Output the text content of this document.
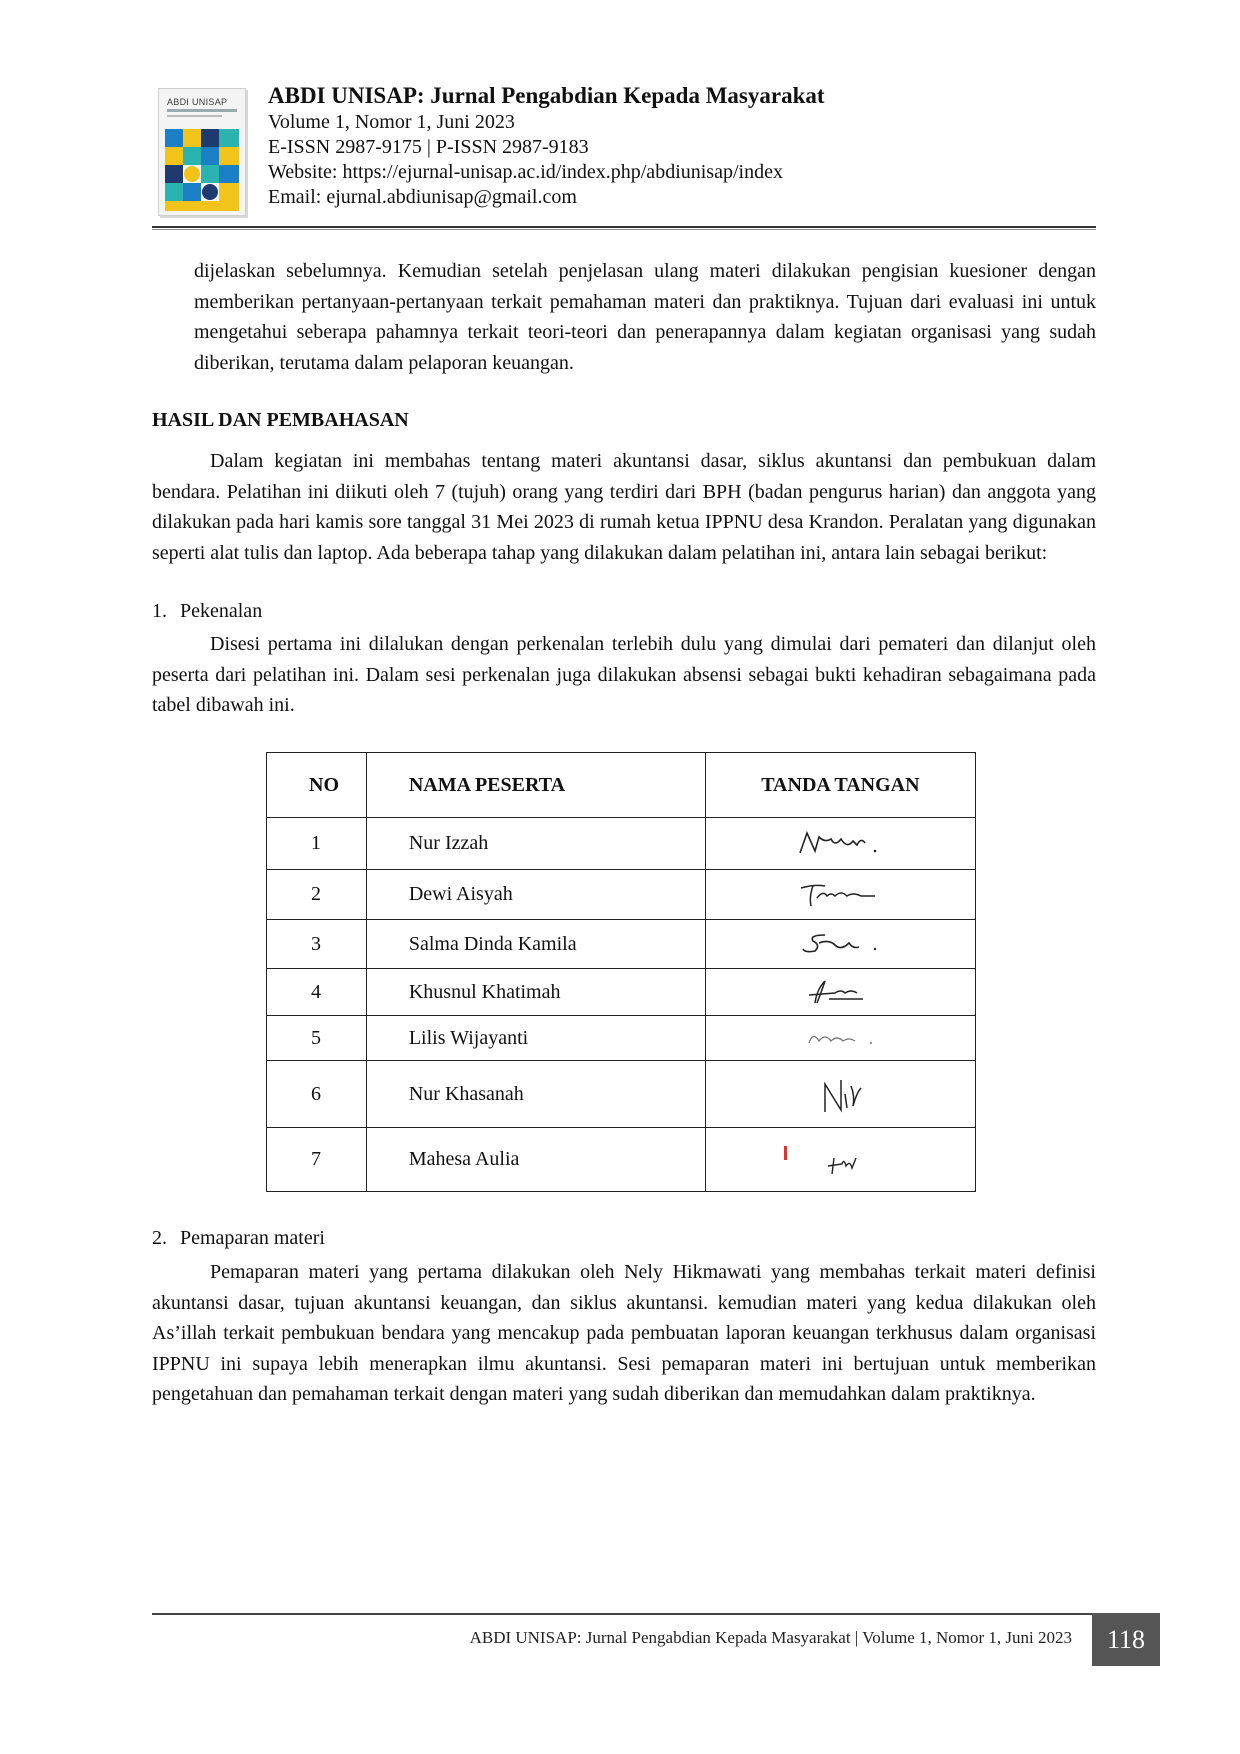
ABDI UNISAP ABDI UNISAP: Jurnal Pengabdian Kepada Masyarakat
Volume 1, Nomor 1, Juni 2023
E-ISSN 2987-9175 | P-ISSN 2987-9183
Website: https://ejurnal-unisap.ac.id/index.php/abdiunisap/index
Email: ejurnal.abdiunisap@gmail.com
dijelaskan sebelumnya. Kemudian setelah penjelasan ulang materi dilakukan pengisian kuesioner dengan memberikan pertanyaan-pertanyaan terkait pemahaman materi dan praktiknya. Tujuan dari evaluasi ini untuk mengetahui seberapa pahamnya terkait teori-teori dan penerapannya dalam kegiatan organisasi yang sudah diberikan, terutama dalam pelaporan keuangan.
HASIL DAN PEMBAHASAN
Dalam kegiatan ini membahas tentang materi akuntansi dasar, siklus akuntansi dan pembukuan dalam bendara. Pelatihan ini diikuti oleh 7 (tujuh) orang yang terdiri dari BPH (badan pengurus harian) dan anggota yang dilakukan pada hari kamis sore tanggal 31 Mei 2023 di rumah ketua IPPNU desa Krandon. Peralatan yang digunakan seperti alat tulis dan laptop. Ada beberapa tahap yang dilakukan dalam pelatihan ini, antara lain sebagai berikut:
1. Pekenalan
Disesi pertama ini dilalukan dengan perkenalan terlebih dulu yang dimulai dari pemateri dan dilanjut oleh peserta dari pelatihan ini. Dalam sesi perkenalan juga dilakukan absensi sebagai bukti kehadiran sebagaimana pada tabel dibawah ini.
NO	NAMA PESERTA	TANDA TANGAN
1	Nur Izzah	

2	Dewi Aisyah	

3	Salma Dinda Kamila	

4	Khusnul Khatimah	

5	Lilis Wijayanti	

6	Nur Khasanah	

7	Mahesa Aulia	
2. Pemaparan materi
Pemaparan materi yang pertama dilakukan oleh Nely Hikmawati yang membahas terkait materi definisi akuntansi dasar, tujuan akuntansi keuangan, dan siklus akuntansi. kemudian materi yang kedua dilakukan oleh As’illah terkait pembukuan bendara yang mencakup pada pembuatan laporan keuangan terkhusus dalam organisasi IPPNU ini supaya lebih menerapkan ilmu akuntansi. Sesi pemaparan materi ini bertujuan untuk memberikan pengetahuan dan pemahaman terkait dengan materi yang sudah diberikan dan memudahkan dalam praktiknya.
ABDI UNISAP: Jurnal Pengabdian Kepada Masyarakat | Volume 1, Nomor 1, Juni 2023	118
